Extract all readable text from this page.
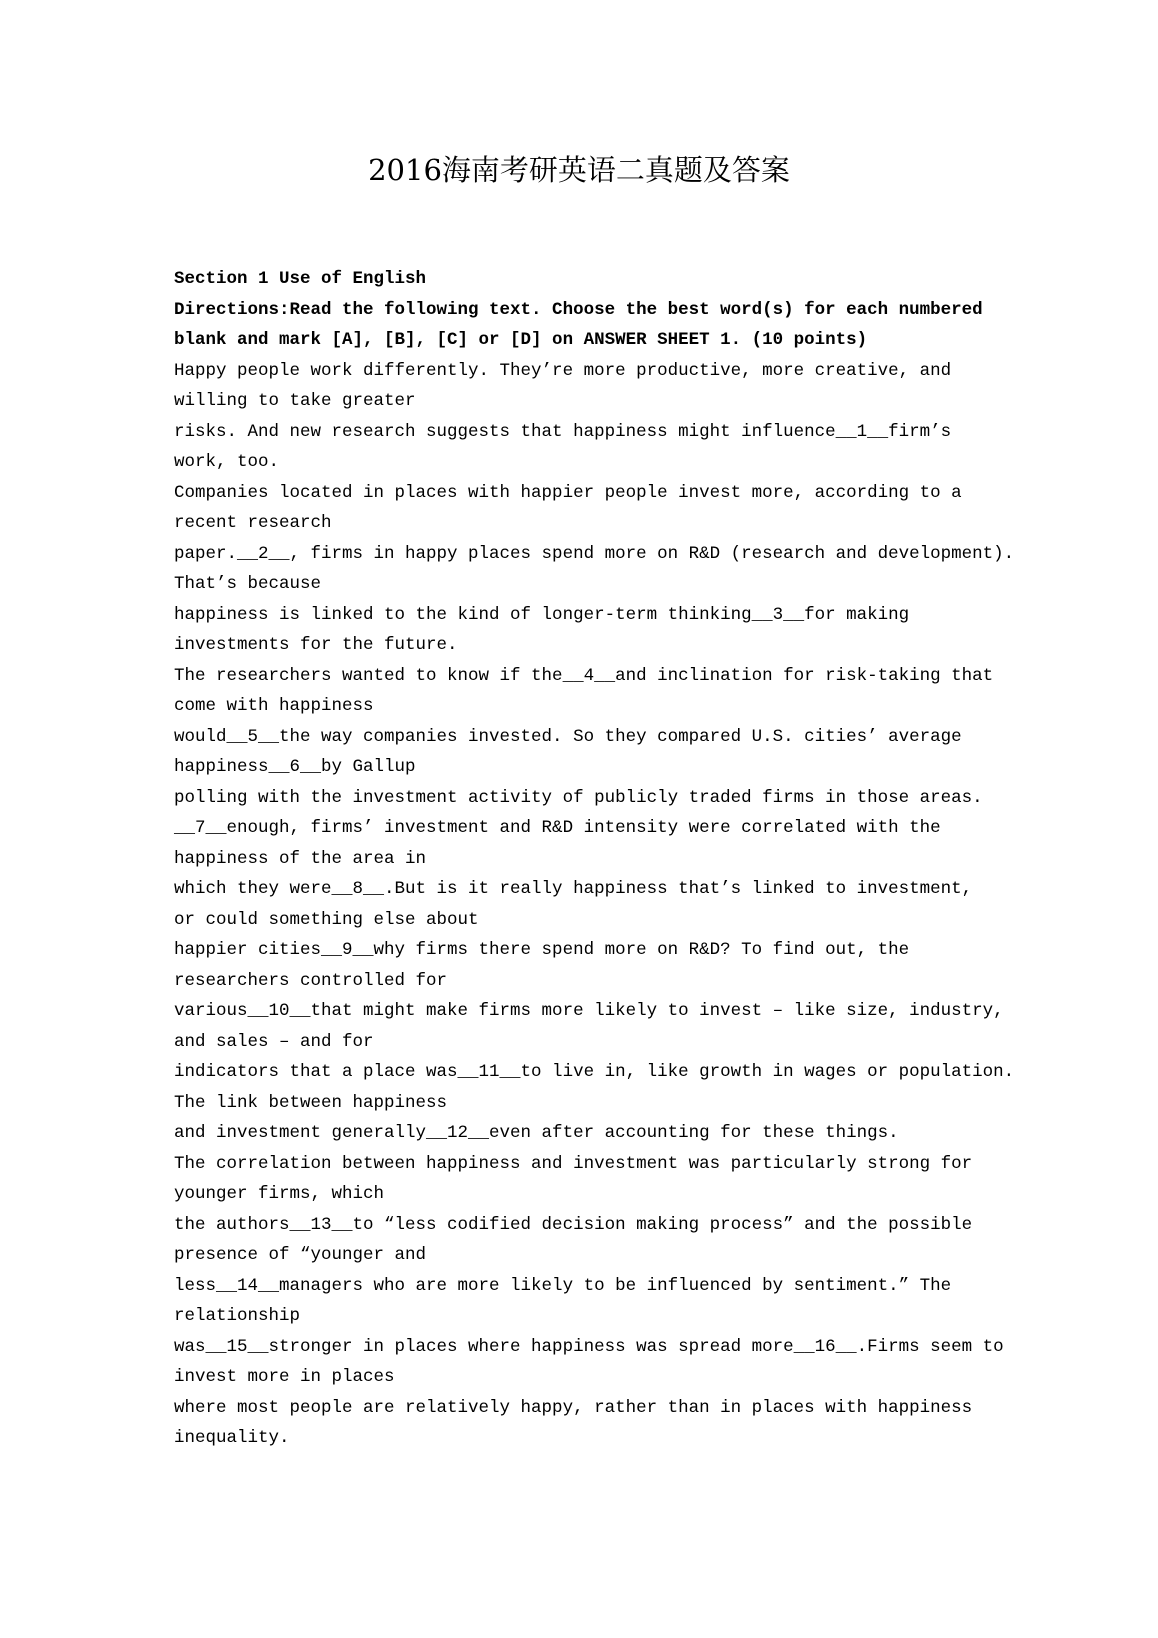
2016海南考研英语二真题及答案
Section 1 Use of English
Directions:Read the following text. Choose the best word(s) for each numbered
blank and mark [A], [B], [C] or [D] on ANSWER SHEET 1. (10 points)
Happy people work differently. They’re more productive, more creative, and
willing to take greater
risks. And new research suggests that happiness might influence__1__firm’s
work, too.
Companies located in places with happier people invest more, according to a
recent research
paper.__2__, firms in happy places spend more on R&D (research and development).
That’s because
happiness is linked to the kind of longer-term thinking__3__for making
investments for the future.
The researchers wanted to know if the__4__and inclination for risk-taking that
come with happiness
would__5__the way companies invested. So they compared U.S. cities’ average
happiness__6__by Gallup
polling with the investment activity of publicly traded firms in those areas.
__7__enough, firms’ investment and R&D intensity were correlated with the
happiness of the area in
which they were__8__.But is it really happiness that’s linked to investment,
or could something else about
happier cities__9__why firms there spend more on R&D? To find out, the
researchers controlled for
various__10__that might make firms more likely to invest – like size, industry,
and sales – and for
indicators that a place was__11__to live in, like growth in wages or population.
The link between happiness
and investment generally__12__even after accounting for these things.
The correlation between happiness and investment was particularly strong for
younger firms, which
the authors__13__to “less codified decision making process” and the possible
presence of “younger and
less__14__managers who are more likely to be influenced by sentiment.” The
relationship
was__15__stronger in places where happiness was spread more__16__.Firms seem to
invest more in places
where most people are relatively happy, rather than in places with happiness
inequality.
